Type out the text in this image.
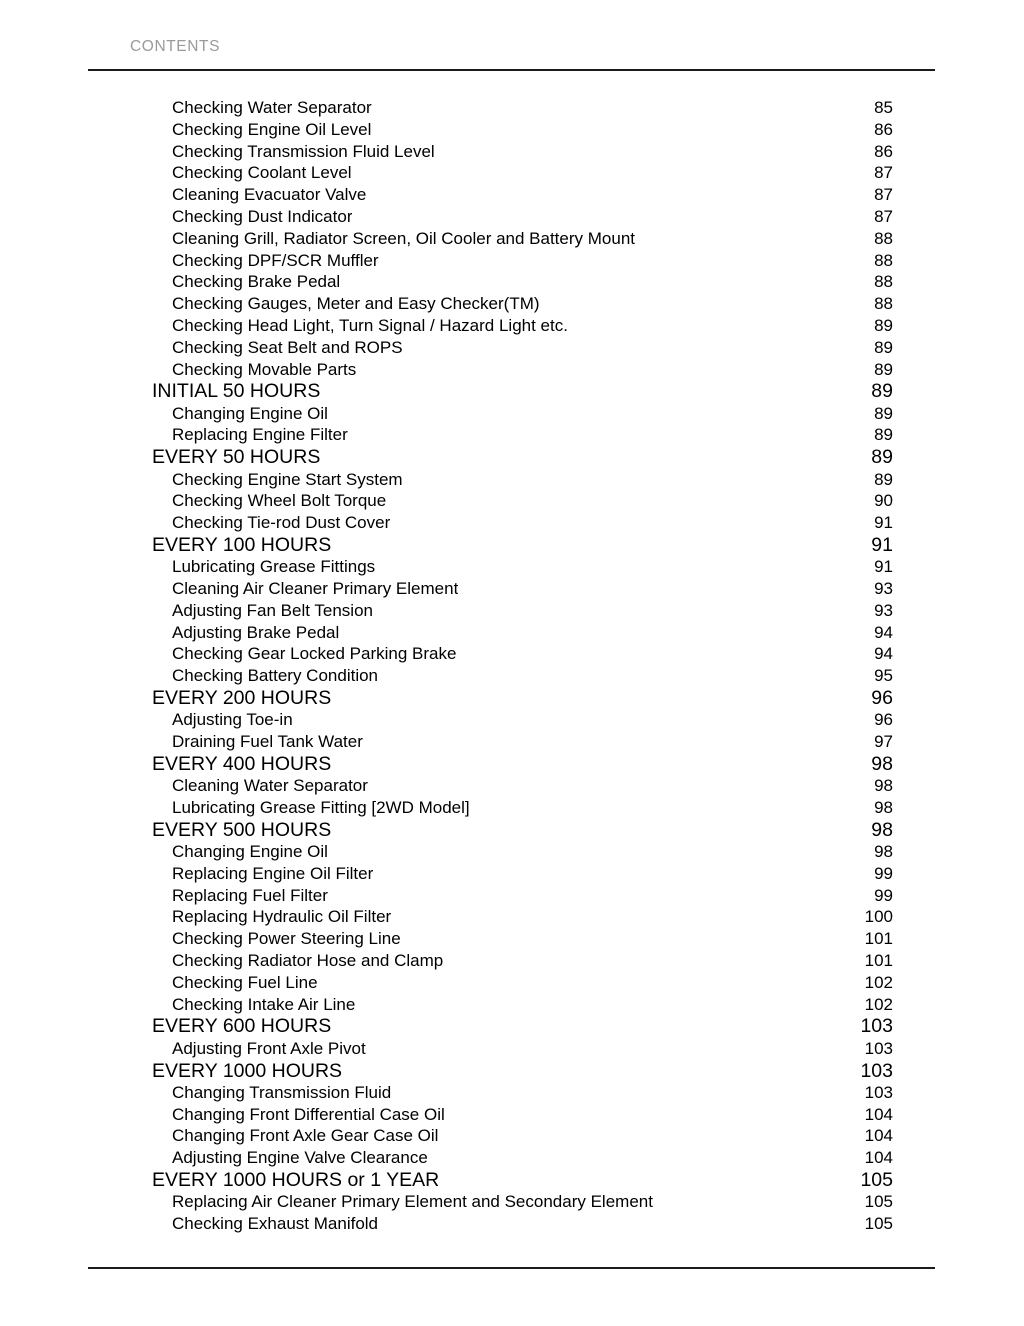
CONTENTS
Checking Water Separator	85
Checking Engine Oil Level	86
Checking Transmission Fluid Level	86
Checking Coolant Level	87
Cleaning Evacuator Valve	87
Checking Dust Indicator	87
Cleaning Grill, Radiator Screen, Oil Cooler and Battery Mount	88
Checking DPF/SCR Muffler	88
Checking Brake Pedal	88
Checking Gauges, Meter and Easy Checker(TM)	88
Checking Head Light, Turn Signal / Hazard Light etc.	89
Checking Seat Belt and ROPS	89
Checking Movable Parts	89
INITIAL 50 HOURS	89
Changing Engine Oil	89
Replacing Engine Filter	89
EVERY 50 HOURS	89
Checking Engine Start System	89
Checking Wheel Bolt Torque	90
Checking Tie-rod Dust Cover	91
EVERY 100 HOURS	91
Lubricating Grease Fittings	91
Cleaning Air Cleaner Primary Element	93
Adjusting Fan Belt Tension	93
Adjusting Brake Pedal	94
Checking Gear Locked Parking Brake	94
Checking Battery Condition	95
EVERY 200 HOURS	96
Adjusting Toe-in	96
Draining Fuel Tank Water	97
EVERY 400 HOURS	98
Cleaning Water Separator	98
Lubricating Grease Fitting [2WD Model]	98
EVERY 500 HOURS	98
Changing Engine Oil	98
Replacing Engine Oil Filter	99
Replacing Fuel Filter	99
Replacing Hydraulic Oil Filter	100
Checking Power Steering Line	101
Checking Radiator Hose and Clamp	101
Checking Fuel Line	102
Checking Intake Air Line	102
EVERY 600 HOURS	103
Adjusting Front Axle Pivot	103
EVERY 1000 HOURS	103
Changing Transmission Fluid	103
Changing Front Differential Case Oil	104
Changing Front Axle Gear Case Oil	104
Adjusting Engine Valve Clearance	104
EVERY 1000 HOURS or 1 YEAR	105
Replacing Air Cleaner Primary Element and Secondary Element	105
Checking Exhaust Manifold	105
